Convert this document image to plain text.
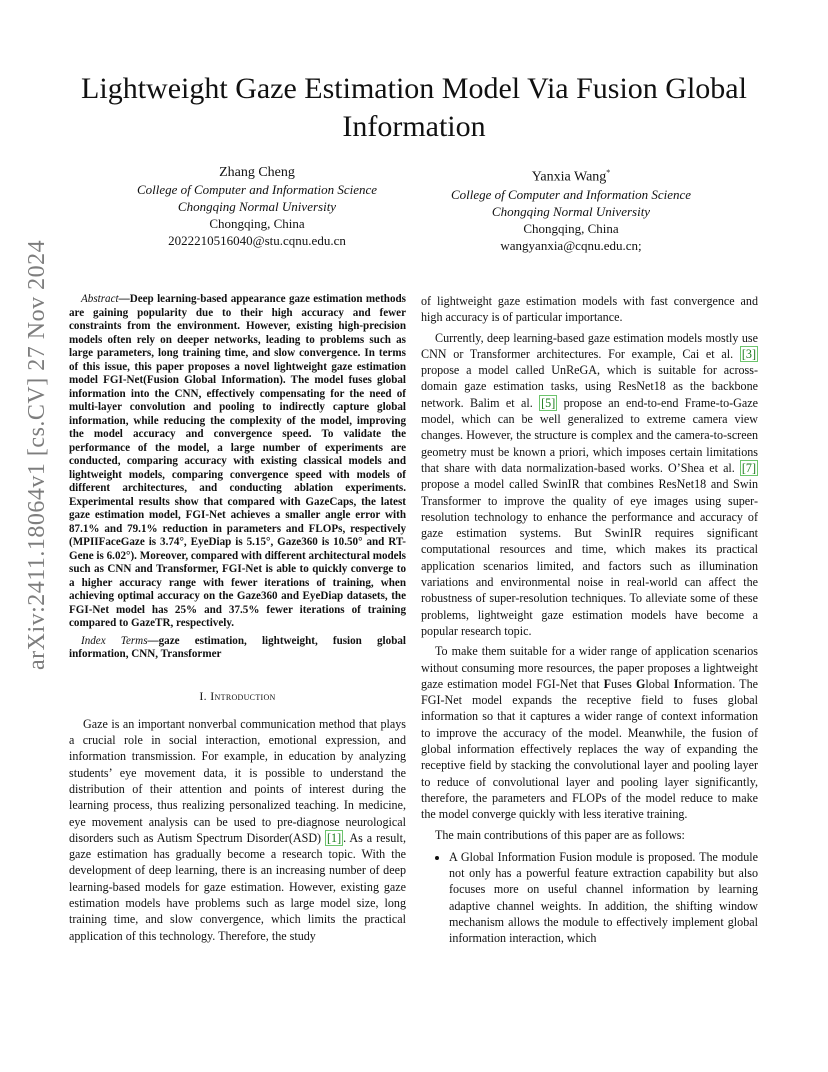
arXiv:2411.18064v1 [cs.CV] 27 Nov 2024
Lightweight Gaze Estimation Model Via Fusion Global Information
Zhang Cheng
College of Computer and Information Science
Chongqing Normal University
Chongqing, China
2022210516040@stu.cqnu.edu.cn
Yanxia Wang*
College of Computer and Information Science
Chongqing Normal University
Chongqing, China
wangyanxia@cqnu.edu.cn;

Abstract—Deep learning-based appearance gaze estimation methods are gaining popularity due to their high accuracy and fewer constraints from the environment. However, existing high-precision models often rely on deeper networks, leading to problems such as large parameters, long training time, and slow convergence. In terms of this issue, this paper proposes a novel lightweight gaze estimation model FGI-Net(Fusion Global Information). The model fuses global information into the CNN, effectively compensating for the need of multi-layer convolution and pooling to indirectly capture global information, while reducing the complexity of the model, improving the model accuracy and convergence speed. To validate the performance of the model, a large number of experiments are conducted, comparing accuracy with existing classical models and lightweight models, comparing convergence speed with models of different architectures, and conducting ablation experiments. Experimental results show that compared with GazeCaps, the latest gaze estimation model, FGI-Net achieves a smaller angle error with 87.1% and 79.1% reduction in parameters and FLOPs, respectively (MPIIFaceGaze is 3.74°, EyeDiap is 5.15°, Gaze360 is 10.50° and RT-Gene is 6.02°). Moreover, compared with different architectural models such as CNN and Transformer, FGI-Net is able to quickly converge to a higher accuracy range with fewer iterations of training, when achieving optimal accuracy on the Gaze360 and EyeDiap datasets, the FGI-Net model has 25% and 37.5% fewer iterations of training compared to GazeTR, respectively.

Index Terms—gaze estimation, lightweight, fusion global information, CNN, Transformer

I. Introduction

Gaze is an important nonverbal communication method that plays a crucial role in social interaction, emotional expression, and information transmission. For example, in education by analyzing students’ eye movement data, it is possible to understand the distribution of their attention and points of interest during the learning process, thus realizing personalized teaching. In medicine, eye movement analysis can be used to pre-diagnose neurological disorders such as Autism Spectrum Disorder(ASD) [1] . As a result, gaze estimation has gradually become a research topic. With the development of deep learning, there is an increasing number of deep learning-based models for gaze estimation. However, existing gaze estimation models have problems such as large model size, long training time, and slow convergence, which limits the practical application of this technology. Therefore, the study

of lightweight gaze estimation models with fast convergence and high accuracy is of particular importance.

Currently, deep learning-based gaze estimation models mostly use CNN or Transformer architectures. For example, Cai et al. [3] propose a model called UnReGA, which is suitable for across-domain gaze estimation tasks, using ResNet18 as the backbone network. Balim et al. [5] propose an end-to-end Frame-to-Gaze model, which can be well generalized to extreme camera view changes. However, the structure is complex and the camera-to-screen geometry must be known a priori, which imposes certain limitations that share with data normalization-based works. O’Shea et al. [7] propose a model called SwinIR that combines ResNet18 and Swin Transformer to improve the quality of eye images using super-resolution technology to enhance the performance and accuracy of gaze estimation systems. But SwinIR requires significant computational resources and time, which makes its practical application scenarios limited, and factors such as illumination variations and environmental noise in real-world can affect the robustness of super-resolution techniques. To alleviate some of these problems, lightweight gaze estimation models have become a popular research topic.

To make them suitable for a wider range of application scenarios without consuming more resources, the paper proposes a lightweight gaze estimation model FGI-Net that Fuses Global Information. The FGI-Net model expands the receptive field to fuses global information so that it captures a wider range of context information to improve the accuracy of the model. Meanwhile, the fusion of global information effectively replaces the way of expanding the receptive field by stacking the convolutional layer and pooling layer to reduce of convolutional layer and pooling layer significantly, therefore, the parameters and FLOPs of the model reduce to make the model converge quickly with less iterative training.

The main contributions of this paper are as follows:

• A Global Information Fusion module is proposed. The module not only has a powerful feature extraction capability but also focuses more on useful channel information by learning adaptive channel weights. In addition, the shifting window mechanism allows the module to effectively implement global information interaction, which
